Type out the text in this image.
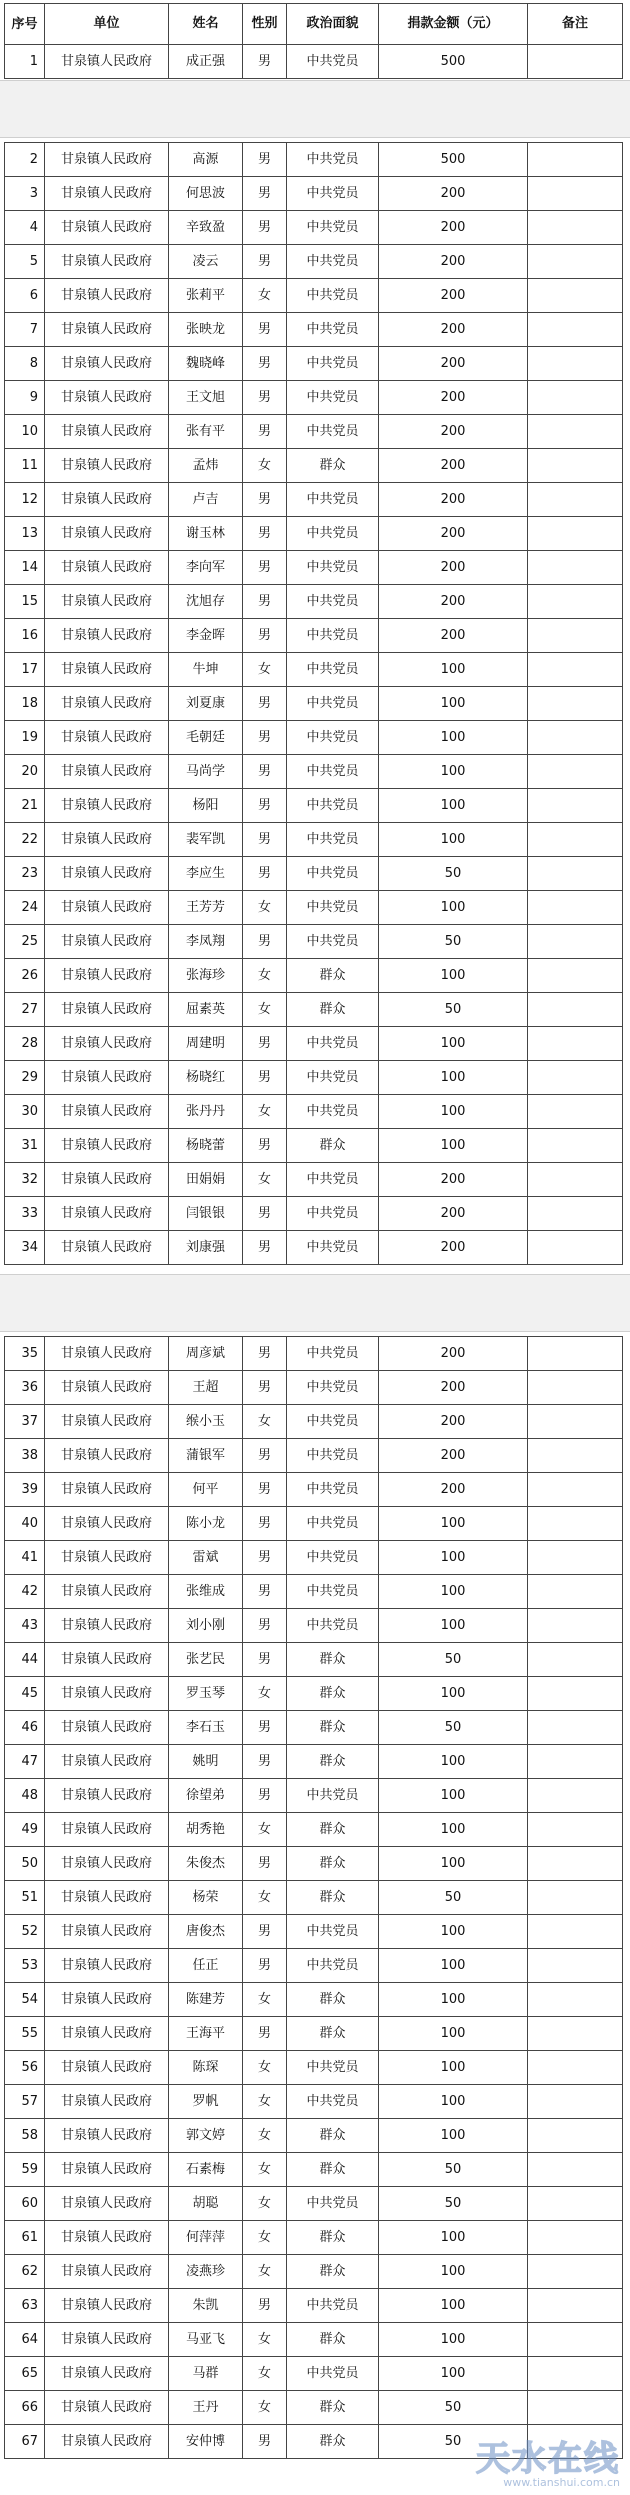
序号	单位	姓名	性别	政治面貌	捐款金额（元）	备注
1	甘泉镇人民政府	成正强	男	中共党员	500	
2	甘泉镇人民政府	高源	男	中共党员	500	
3	甘泉镇人民政府	何思波	男	中共党员	200	
4	甘泉镇人民政府	辛致盈	男	中共党员	200	
5	甘泉镇人民政府	凌云	男	中共党员	200	
6	甘泉镇人民政府	张莉平	女	中共党员	200	
7	甘泉镇人民政府	张映龙	男	中共党员	200	
8	甘泉镇人民政府	魏晓峰	男	中共党员	200	
9	甘泉镇人民政府	王文旭	男	中共党员	200	
10	甘泉镇人民政府	张有平	男	中共党员	200	
11	甘泉镇人民政府	孟炜	女	群众	200	
12	甘泉镇人民政府	卢吉	男	中共党员	200	
13	甘泉镇人民政府	谢玉林	男	中共党员	200	
14	甘泉镇人民政府	李向军	男	中共党员	200	
15	甘泉镇人民政府	沈旭存	男	中共党员	200	
16	甘泉镇人民政府	李金晖	男	中共党员	200	
17	甘泉镇人民政府	牛坤	女	中共党员	100	
18	甘泉镇人民政府	刘夏康	男	中共党员	100	
19	甘泉镇人民政府	毛朝廷	男	中共党员	100	
20	甘泉镇人民政府	马尚学	男	中共党员	100	
21	甘泉镇人民政府	杨阳	男	中共党员	100	
22	甘泉镇人民政府	裴军凯	男	中共党员	100	
23	甘泉镇人民政府	李应生	男	中共党员	50	
24	甘泉镇人民政府	王芳芳	女	中共党员	100	
25	甘泉镇人民政府	李凤翔	男	中共党员	50	
26	甘泉镇人民政府	张海珍	女	群众	100	
27	甘泉镇人民政府	屈素英	女	群众	50	
28	甘泉镇人民政府	周建明	男	中共党员	100	
29	甘泉镇人民政府	杨晓红	男	中共党员	100	
30	甘泉镇人民政府	张丹丹	女	中共党员	100	
31	甘泉镇人民政府	杨晓蕾	男	群众	100	
32	甘泉镇人民政府	田娟娟	女	中共党员	200	
33	甘泉镇人民政府	闫银银	男	中共党员	200	
34	甘泉镇人民政府	刘康强	男	中共党员	200	
35	甘泉镇人民政府	周彦斌	男	中共党员	200	
36	甘泉镇人民政府	王超	男	中共党员	200	
37	甘泉镇人民政府	缑小玉	女	中共党员	200	
38	甘泉镇人民政府	蒲银军	男	中共党员	200	
39	甘泉镇人民政府	何平	男	中共党员	200	
40	甘泉镇人民政府	陈小龙	男	中共党员	100	
41	甘泉镇人民政府	雷斌	男	中共党员	100	
42	甘泉镇人民政府	张维成	男	中共党员	100	
43	甘泉镇人民政府	刘小刚	男	中共党员	100	
44	甘泉镇人民政府	张艺民	男	群众	50	
45	甘泉镇人民政府	罗玉琴	女	群众	100	
46	甘泉镇人民政府	李石玉	男	群众	50	
47	甘泉镇人民政府	姚明	男	群众	100	
48	甘泉镇人民政府	徐望弟	男	中共党员	100	
49	甘泉镇人民政府	胡秀艳	女	群众	100	
50	甘泉镇人民政府	朱俊杰	男	群众	100	
51	甘泉镇人民政府	杨荣	女	群众	50	
52	甘泉镇人民政府	唐俊杰	男	中共党员	100	
53	甘泉镇人民政府	任正	男	中共党员	100	
54	甘泉镇人民政府	陈建芳	女	群众	100	
55	甘泉镇人民政府	王海平	男	群众	100	
56	甘泉镇人民政府	陈琛	女	中共党员	100	
57	甘泉镇人民政府	罗帆	女	中共党员	100	
58	甘泉镇人民政府	郭文婷	女	群众	100	
59	甘泉镇人民政府	石素梅	女	群众	50	
60	甘泉镇人民政府	胡聪	女	中共党员	50	
61	甘泉镇人民政府	何萍萍	女	群众	100	
62	甘泉镇人民政府	凌燕珍	女	群众	100	
63	甘泉镇人民政府	朱凯	男	中共党员	100	
64	甘泉镇人民政府	马亚飞	女	群众	100	
65	甘泉镇人民政府	马群	女	中共党员	100	
66	甘泉镇人民政府	王丹	女	群众	50	
67	甘泉镇人民政府	安仲博	男	群众	50	天水在线
www.tianshui.com.cn
